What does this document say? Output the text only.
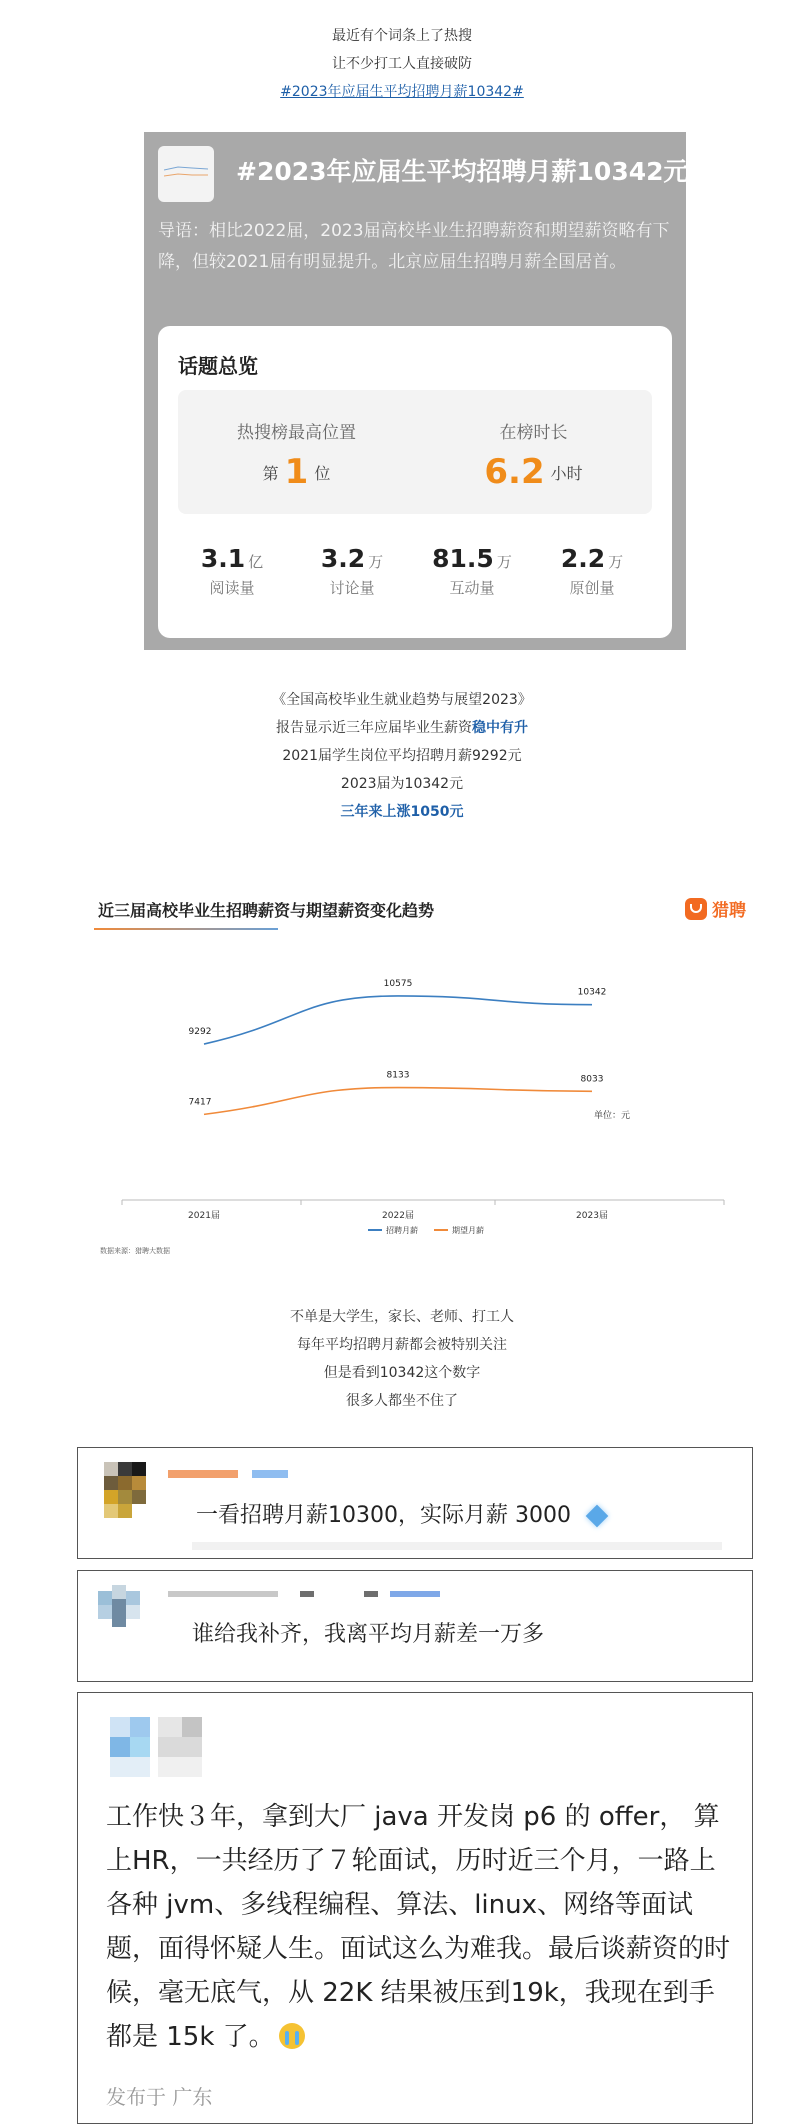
最近有个词条上了热搜
让不少打工人直接破防
#2023年应届生平均招聘月薪10342#
#2023年应届生平均招聘月薪10342元#
导语：相比2022届，2023届高校毕业生招聘薪资和期望薪资略有下降，但较2021届有明显提升。北京应届生招聘月薪全国居首。
话题总览
热搜榜最高位置
第 1 位
在榜时长
6.2 小时
3.1 亿
阅读量
3.2 万
讨论量
81.5 万
互动量
2.2 万
原创量
《全国高校毕业生就业趋势与展望2023》
报告显示近三年应届毕业生薪资稳中有升
2021届学生岗位平均招聘月薪9292元
2023届为10342元
三年来上涨1050元
近三届高校毕业生招聘薪资与期望薪资变化趋势	猎聘
2021届	2022届	2023届
9292
10575
10342
7417
8133	8033
单位：元
招聘月薪	期望月薪
数据来源：猎聘大数据
不单是大学生，家长、老师、打工人
每年平均招聘月薪都会被特别关注
但是看到10342这个数字
很多人都坐不住了
一看招聘月薪10300，实际月薪 3000
谁给我补齐，我离平均月薪差一万多
工作快３年，拿到大厂 java 开发岗 p6 的 offer， 算上HR，一共经历了７轮面试，历时近三个月，一路上各种 jvm、多线程编程、算法、linux、网络等面试题，面得怀疑人生。面试这么为难我。最后谈薪资的时候，毫无底气，从 22K 结果被压到19k，我现在到手都是 15k 了。
发布于 广东
